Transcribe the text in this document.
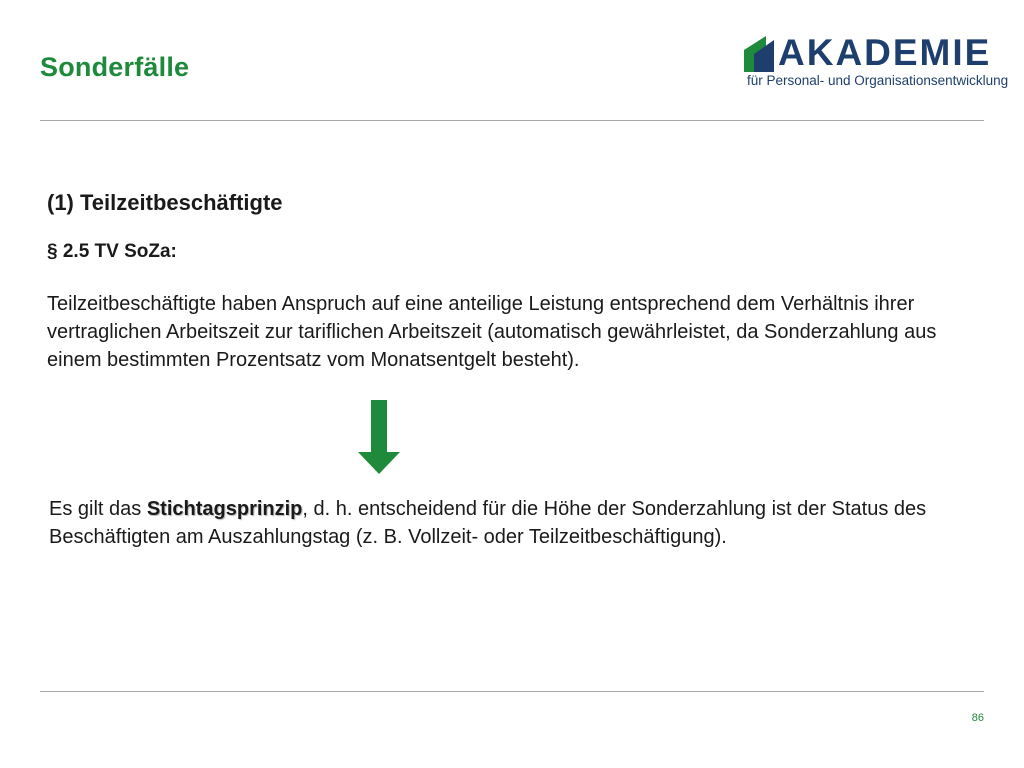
Sonderfälle	AKADEMIE
für Personal- und Organisationsentwicklung
(1) Teilzeitbeschäftigte
§ 2.5 TV SoZa:
Teilzeitbeschäftigte haben Anspruch auf eine anteilige Leistung entsprechend dem Verhältnis ihrer vertraglichen Arbeitszeit zur tariflichen Arbeitszeit (automatisch gewährleistet, da Sonderzahlung aus einem bestimmten Prozentsatz vom Monatsentgelt besteht).
Es gilt das Stichtagsprinzip, d. h. entscheidend für die Höhe der Sonderzahlung ist der Status des Beschäftigten am Auszahlungstag (z. B. Vollzeit- oder Teilzeitbeschäftigung).
86
